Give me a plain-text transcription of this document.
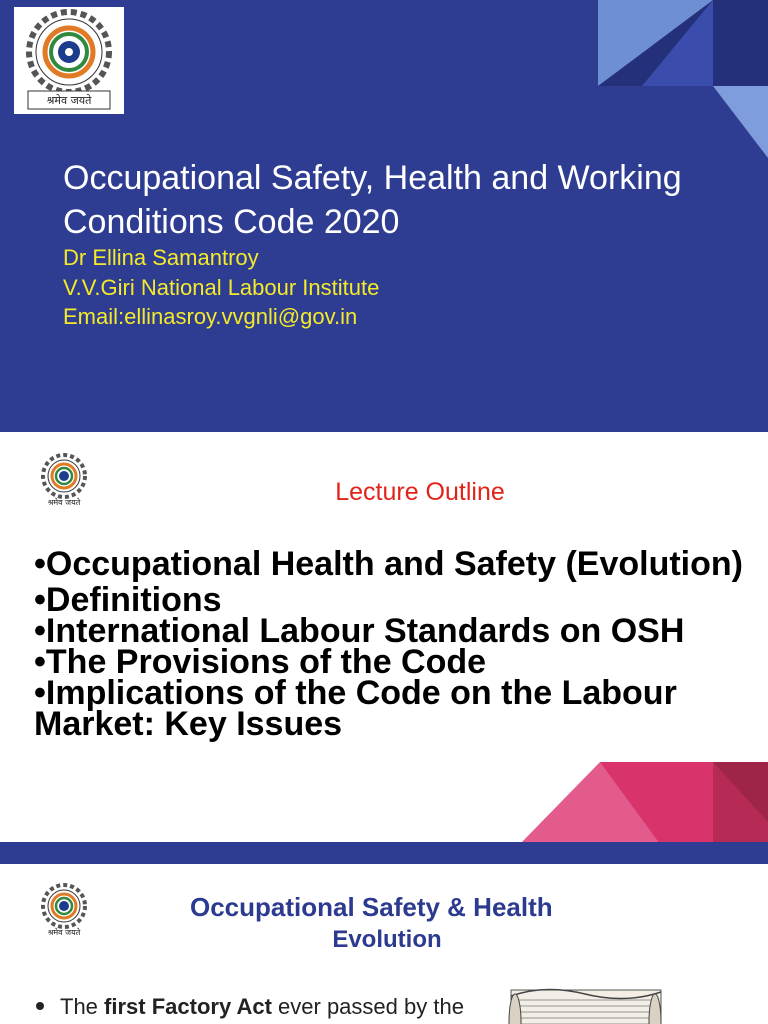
श्रमेव जयते
Occupational Safety, Health and Working
Conditions Code 2020
Dr Ellina Samantroy
V.V.Giri National Labour Institute
Email:ellinasroy.vvgnli@gov.in
श्रमेव जयते	Lecture Outline
•Occupational Health and Safety (Evolution)
•Definitions
•International Labour Standards on OSH
•The Provisions of the Code
•Implications of the Code on the Labour Market: Key Issues
श्रमेव जयते
Occupational Safety & Health
Evolution
The first Factory Act ever passed by the
